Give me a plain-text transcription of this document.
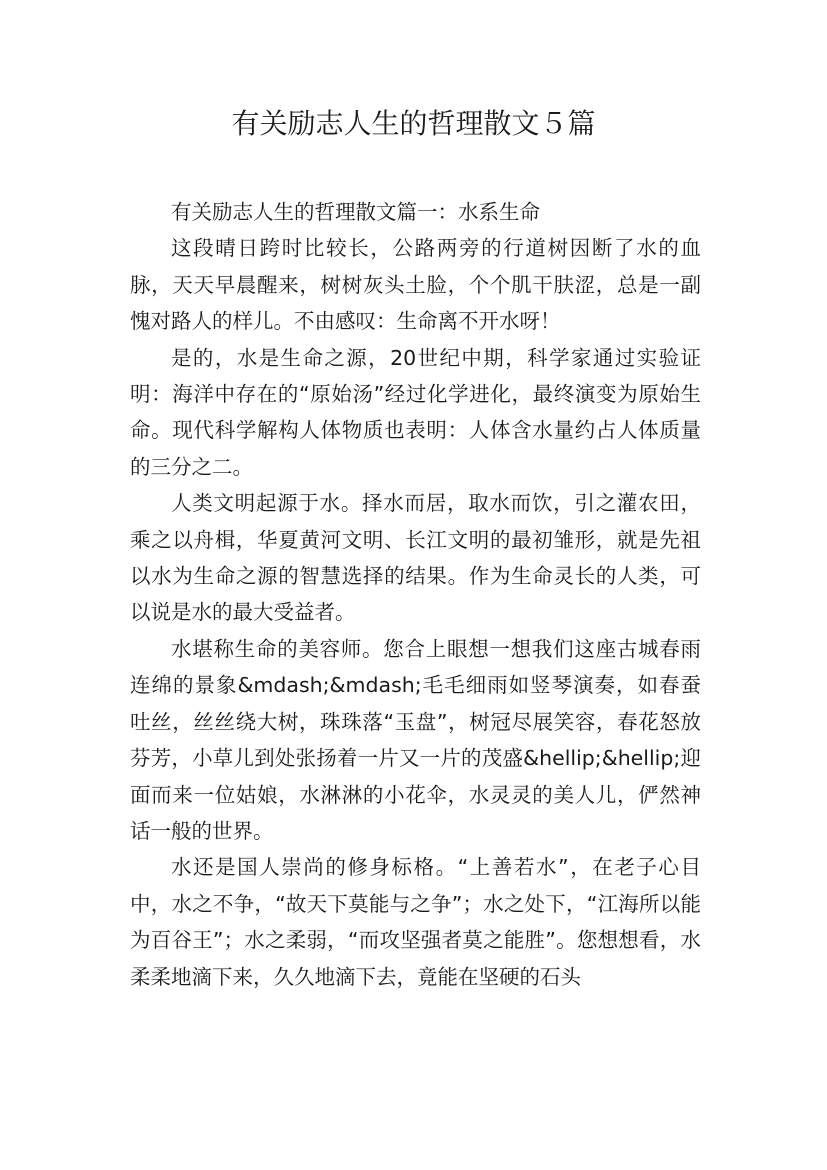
有关励志人生的哲理散文５篇

有关励志人生的哲理散文篇一：水系生命

这段晴日跨时比较长，公路两旁的行道树因断了水的血脉，天天早晨醒来，树树灰头土脸，个个肌干肤涩，总是一副愧对路人的样儿。不由感叹：生命离不开水呀！

是的，水是生命之源，20世纪中期，科学家通过实验证明：海洋中存在的“原始汤”经过化学进化，最终演变为原始生命。现代科学解构人体物质也表明：人体含水量约占人体质量的三分之二。

人类文明起源于水。择水而居，取水而饮，引之灌农田，乘之以舟楫，华夏黄河文明、长江文明的最初雏形，就是先祖以水为生命之源的智慧选择的结果。作为生命灵长的人类，可以说是水的最大受益者。

水堪称生命的美容师。您合上眼想一想我们这座古城春雨连绵的景象&mdash;&mdash;毛毛细雨如竖琴演奏，如春蚕吐丝，丝丝绕大树，珠珠落“玉盘”，树冠尽展笑容，春花怒放芬芳，小草儿到处张扬着一片又一片的茂盛&hellip;&hellip;迎面而来一位姑娘，水淋淋的小花伞，水灵灵的美人儿，俨然神话一般的世界。

水还是国人崇尚的修身标格。“上善若水”，在老子心目中，水之不争，“故天下莫能与之争”；水之处下，“江海所以能为百谷王”；水之柔弱，“而攻坚强者莫之能胜”。您想想看，水柔柔地滴下来，久久地滴下去，竟能在坚硬的石头
